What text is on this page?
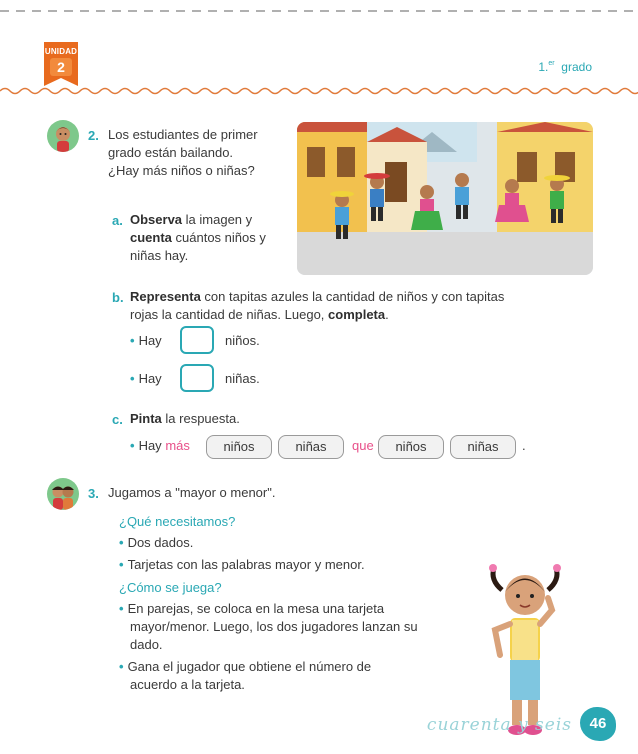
UNIDAD
2	1.$^{er}$ grado
2. Los estudiantes de primer
grado están bailando.
¿Hay más niños o niñas?
a. Observa la imagen y
cuenta cuántos niños y
niñas hay.
b. Representa con tapitas azules la cantidad de niños y con tapitas
rojas la cantidad de niñas. Luego, completa.
• Hay	niños.
• Hay	niñas.
c. Pinta la respuesta.
• Hay más	niños	niñas	que	niños	niñas	.
3. Jugamos a "mayor o menor".
¿Qué necesitamos?
• Dos dados.
• Tarjetas con las palabras mayor y menor.
¿Cómo se juega?
• En parejas, se coloca en la mesa una tarjeta
mayor/menor. Luego, los dos jugadores lanzan su
dado.
• Gana el jugador que obtiene el número de
acuerdo a la tarjeta.
cuarenta y seis	46
